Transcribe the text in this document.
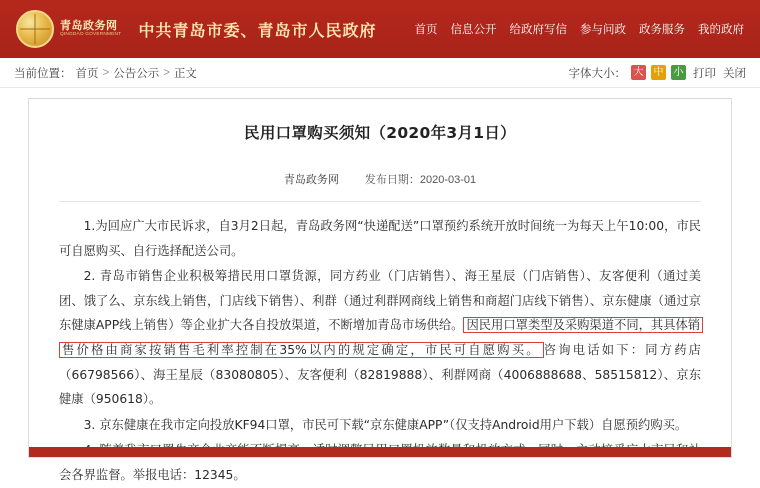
青岛政务网
QINGDAO GOVERNMENT 中共青岛市委、青岛市人民政府	首页 信息公开 给政府写信 参与问政 政务服务 我的政府
当前位置： 首页 > 公告公示 > 正文	字体大小： 大 中 小 打印 关闭
民用口罩购买须知（2020年3月1日）
青岛政务网 发布日期：2020-03-01

1.为回应广大市民诉求，自3月2日起，青岛政务网“快递配送”口罩预约系统开放时间统一为每天上午10:00，市民可自愿购买、自行选择配送公司。

2. 青岛市销售企业积极筹措民用口罩货源，同方药业（门店销售）、海王星辰（门店销售）、友客便利（通过美团、饿了么、京东线上销售，门店线下销售）、利群（通过利群网商线上销售和商超门店线下销售）、京东健康（通过京东健康APP线上销售）等企业扩大各自投放渠道，不断增加青岛市场供给。 因民用口罩类型及采购渠道不同，其具体销售价格由商家按销售毛利率控制在35%以内的规定确定，市民可自愿购买。 咨询电话如下：同方药店（66798566）、海王星辰（83080805）、友客便利（82819888）、利群网商（4006888688、58515812）、京东健康（950618）。

3. 京东健康在我市定向投放KF94口罩，市民可下载“京东健康APP”（仅支持Android用户下载）自愿预约购买。

会各界监督。举报电话：12345。
